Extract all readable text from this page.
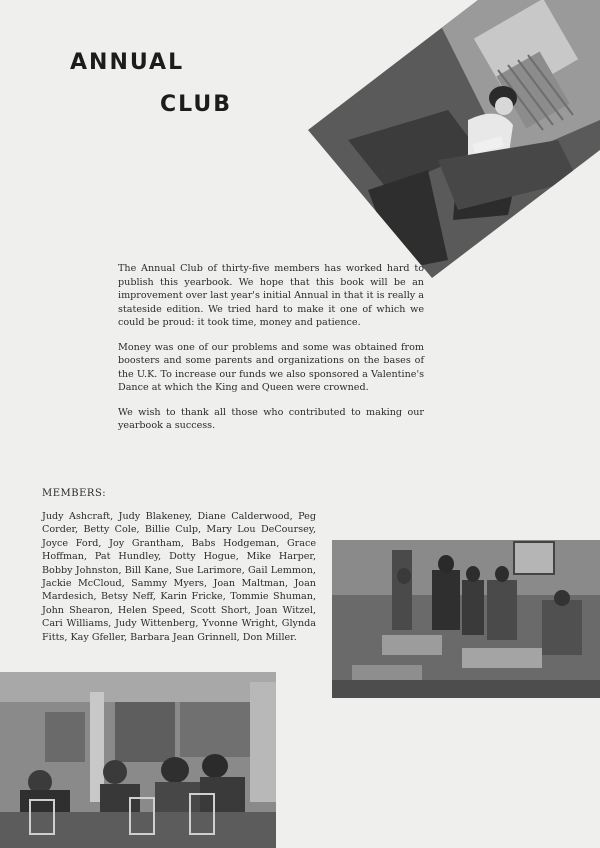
ANNUAL
CLUB

The Annual Club of thirty-five members has worked hard to publish this yearbook. We hope that this book will be an improvement over last year's initial Annual in that it is really a stateside edition. We tried hard to make it one of which we could be proud: it took time, money and patience.

Money was one of our problems and some was obtained from boosters and some parents and organizations on the bases of the U.K. To increase our funds we also sponsored a Valentine's Dance at which the King and Queen were crowned.

We wish to thank all those who contributed to making our yearbook a success.

MEMBERS:

Judy Ashcraft, Judy Blakeney, Diane Calderwood, Peg Corder, Betty Cole, Billie Culp, Mary Lou DeCoursey, Joyce Ford, Joy Grantham, Babs Hodgeman, Grace Hoffman, Pat Hundley, Dotty Hogue, Mike Harper, Bobby Johnston, Bill Kane, Sue Larimore, Gail Lemmon, Jackie McCloud, Sammy Myers, Joan Maltman, Joan Mardesich, Betsy Neff, Karin Fricke, Tommie Shuman, John Shearon, Helen Speed, Scott Short, Joan Witzel, Cari Williams, Judy Wittenberg, Yvonne Wright, Glynda Fitts, Kay Gfeller, Barbara Jean Grinnell, Don Miller.
